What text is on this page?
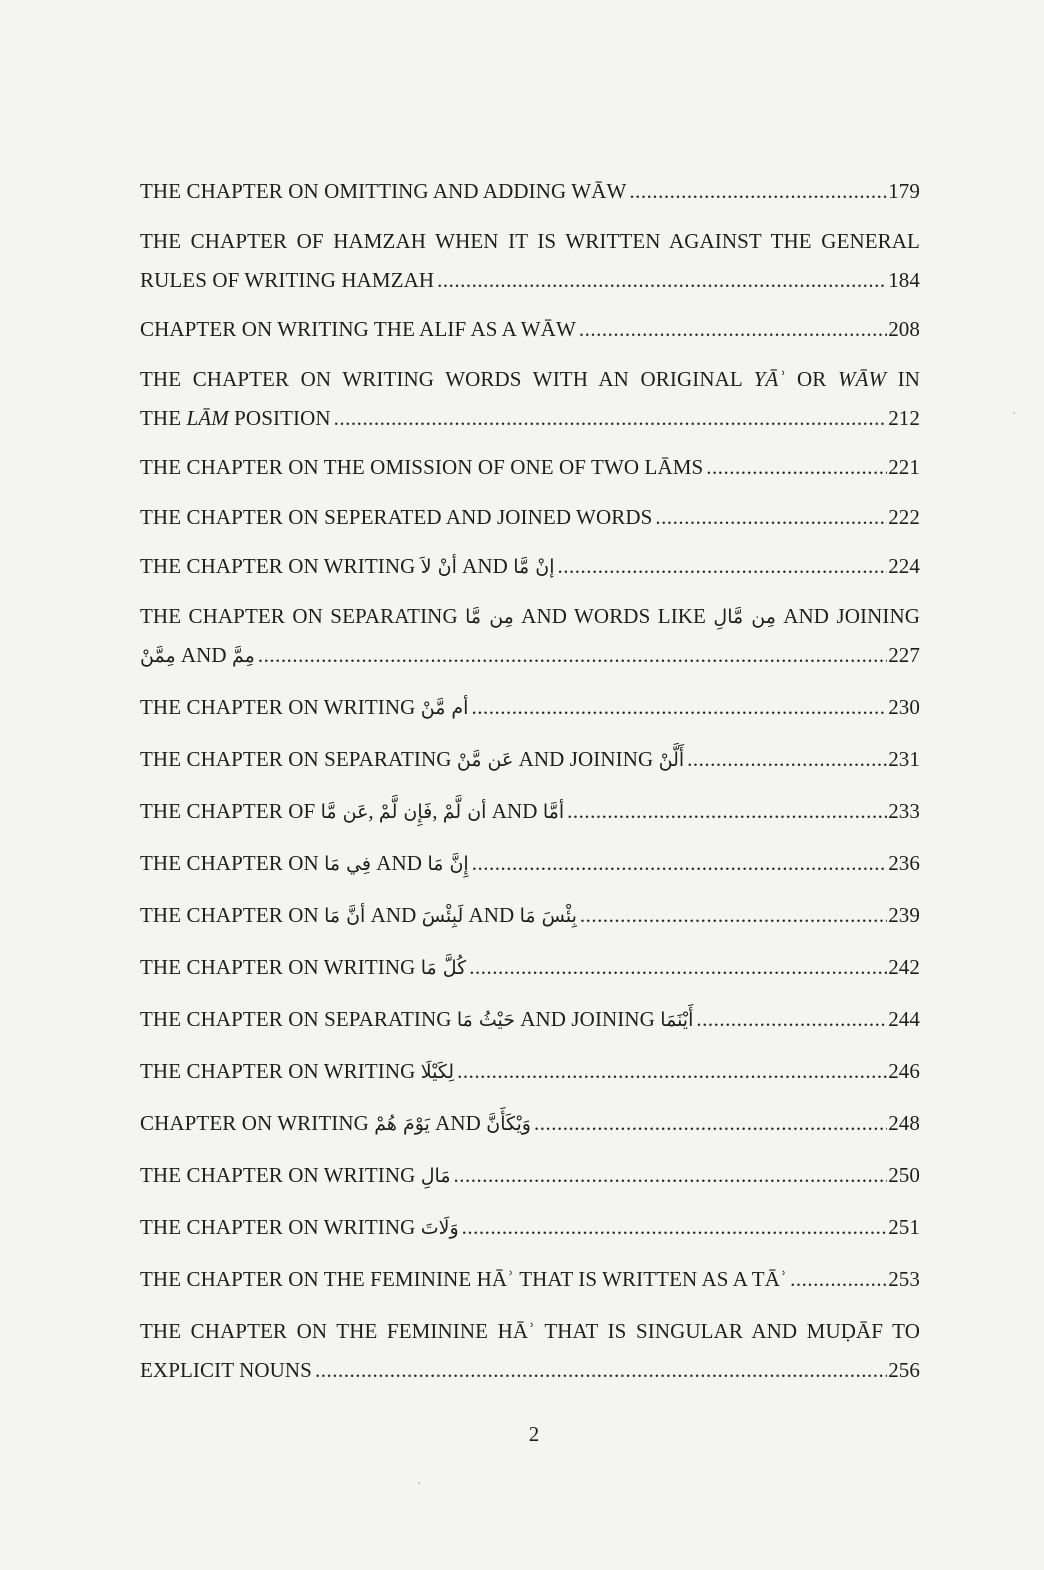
THE CHAPTER ON OMITTING AND ADDING WĀW .....	179
THE CHAPTER OF HAMZAH WHEN IT IS WRITTEN AGAINST THE GENERAL
RULES OF WRITING HAMZAH .....	184
CHAPTER ON WRITING THE ALIF AS A WĀW .....	208
THE CHAPTER ON WRITING WORDS WITH AN ORIGINAL YĀʾ OR WĀW IN
THE LĀM POSITION .....	212
THE CHAPTER ON THE OMISSION OF ONE OF TWO LĀMS .....	221
THE CHAPTER ON SEPERATED AND JOINED WORDS .....	222
THE CHAPTER ON WRITING أنْ لاَ AND إنْ مَّا .....	224
THE CHAPTER ON SEPARATING مِن مَّا AND WORDS LIKE مِن مَّالِ AND JOINING
مِمَّنْ AND مِمَّ .....	227
THE CHAPTER ON WRITING أم مَّنْ .....	230
THE CHAPTER ON SEPARATING عَن مَّنْ AND JOINING أَلَّنْ .....	231
THE CHAPTER OF عَن مَّا, فَإِن لَّمْ, أن لَّمْ AND أمَّا .....	233
THE CHAPTER ON فِي مَا AND إِنَّ مَا .....	236
THE CHAPTER ON أنَّ مَا AND لَبِئْسَ AND بِئْسَ مَا .....	239
THE CHAPTER ON WRITING كُلَّ مَا .....	242
THE CHAPTER ON SEPARATING حَيْثُ مَا AND JOINING أَيْنَمَا .....	244
THE CHAPTER ON WRITING لِكَيْلَا .....	246
CHAPTER ON WRITING يَوْمَ هُمْ AND وَيْكَأَنَّ .....	248
THE CHAPTER ON WRITING مَالِ .....	250
THE CHAPTER ON WRITING وَلَاتَ .....	251
THE CHAPTER ON THE FEMININE HĀʾ THAT IS WRITTEN AS A TĀʾ .....	253
THE CHAPTER ON THE FEMININE HĀʾ THAT IS SINGULAR AND MUḌĀF TO
EXPLICIT NOUNS .....	256
2
